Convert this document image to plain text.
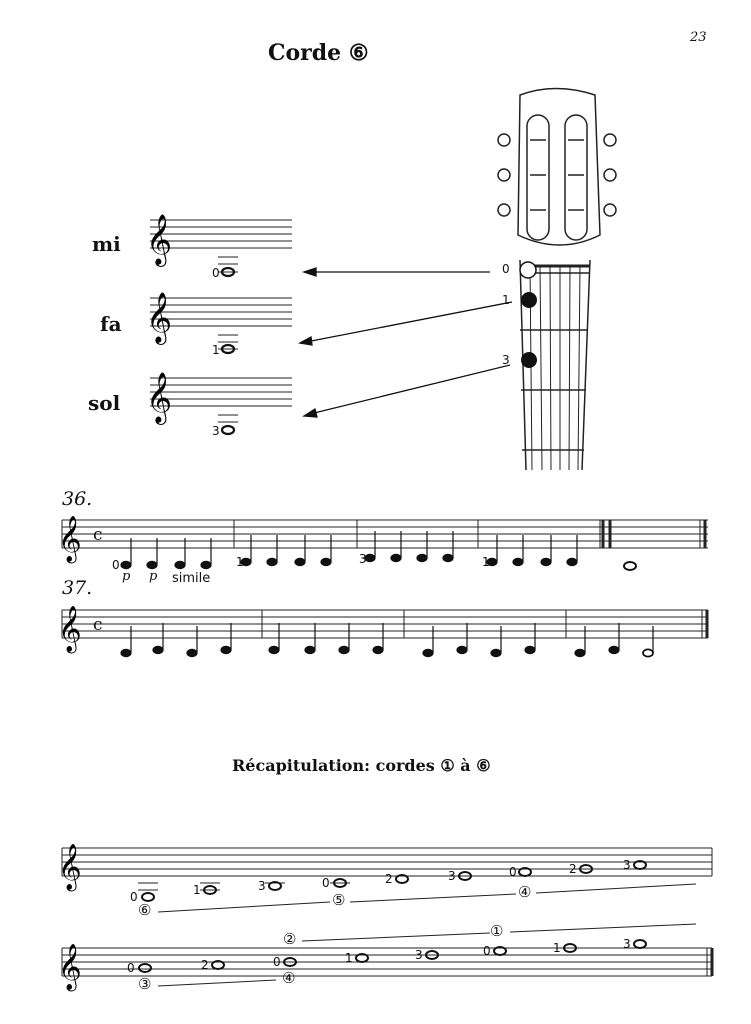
23
Corde ⑥
mi
fa
sol
𝄞
𝄞
𝄞
0
1
3
0
1
3
36.
37.
𝄞
𝄞
c
c
0	1	3	1
p p simile
Récapitulation: cordes ① à ⑥
𝄞
𝄞
0	1	3	0	2	3	0	2	3
⑥
⑤	④
0	2	0	1	3	0	1	3
③	④
②	①
